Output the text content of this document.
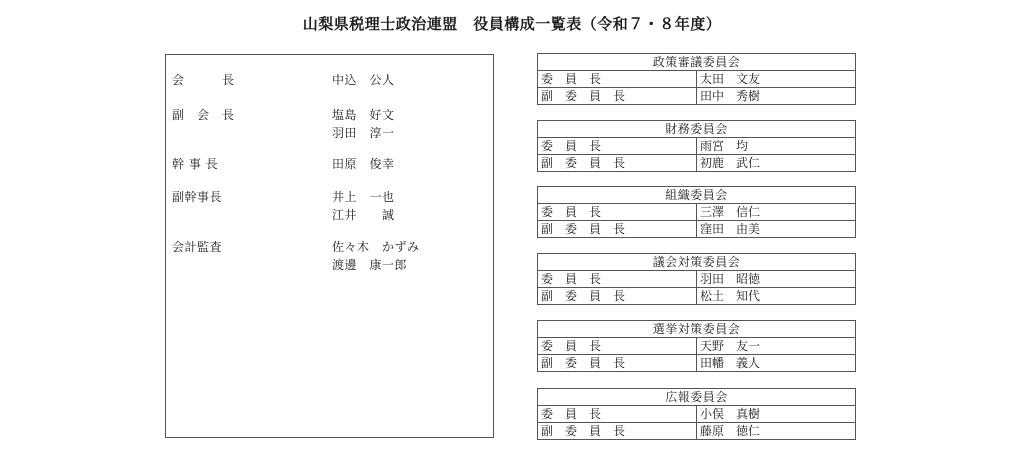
山梨県税理士政治連盟　役員構成一覧表（令和７・８年度）
会　　　長	中込　公人
副　会　長	塩島　好文
羽田　淳一
幹 事 長	田原　俊幸
副幹事長	井上　一也
江井　　誠
会計監査	佐々木　かずみ
渡邊　康一郎
政策審議委員会	
委　員　長	太田　文友
副　委　員　長	田中　秀樹
財務委員会	
委　員　長	雨宮　均
副　委　員　長	初鹿　武仁
組織委員会	
委　員　長	三澤　信仁
副　委　員　長	窪田　由美
議会対策委員会	
委　員　長	羽田　昭徳
副　委　員　長	松土　知代
選挙対策委員会	
委　員　長	天野　友一
副　委　員　長	田幡　義人
広報委員会	
委　員　長	小俣　真樹
副　委　員　長	藤原　徳仁
